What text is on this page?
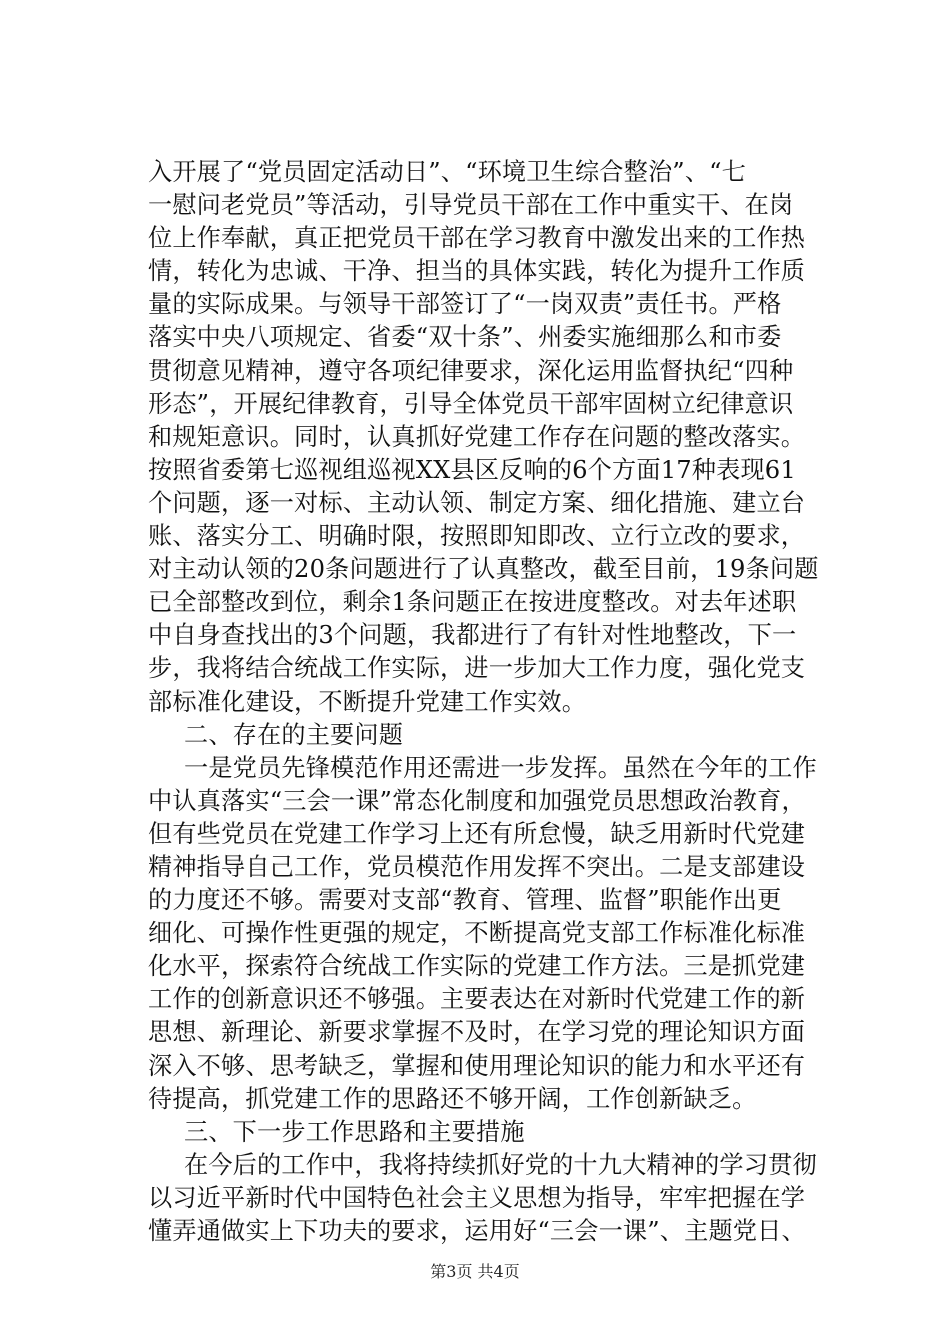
入开展了“党员固定活动日”、“环境卫生综合整治”、“七
一慰问老党员”等活动，引导党员干部在工作中重实干、在岗
位上作奉献，真正把党员干部在学习教育中激发出来的工作热
情，转化为忠诚、干净、担当的具体实践，转化为提升工作质
量的实际成果。与领导干部签订了“一岗双责”责任书。严格
落实中央八项规定、省委“双十条”、州委实施细那么和市委
贯彻意见精神，遵守各项纪律要求，深化运用监督执纪“四种
形态”，开展纪律教育，引导全体党员干部牢固树立纪律意识
和规矩意识。同时，认真抓好党建工作存在问题的整改落实。
按照省委第七巡视组巡视XX县区反响的6个方面17种表现61
个问题，逐一对标、主动认领、制定方案、细化措施、建立台
账、落实分工、明确时限，按照即知即改、立行立改的要求，
对主动认领的20条问题进行了认真整改，截至目前，19条问题
已全部整改到位，剩余1条问题正在按进度整改。对去年述职
中自身查找出的3个问题，我都进行了有针对性地整改，下一
步，我将结合统战工作实际，进一步加大工作力度，强化党支
部标准化建设，不断提升党建工作实效。
二、存在的主要问题
一是党员先锋模范作用还需进一步发挥。虽然在今年的工作
中认真落实“三会一课”常态化制度和加强党员思想政治教育，
但有些党员在党建工作学习上还有所怠慢，缺乏用新时代党建
精神指导自己工作，党员模范作用发挥不突出。二是支部建设
的力度还不够。需要对支部“教育、管理、监督”职能作出更
细化、可操作性更强的规定，不断提高党支部工作标准化标准
化水平，探索符合统战工作实际的党建工作方法。三是抓党建
工作的创新意识还不够强。主要表达在对新时代党建工作的新
思想、新理论、新要求掌握不及时，在学习党的理论知识方面
深入不够、思考缺乏，掌握和使用理论知识的能力和水平还有
待提高，抓党建工作的思路还不够开阔，工作创新缺乏。
三、下一步工作思路和主要措施
在今后的工作中，我将持续抓好党的十九大精神的学习贯彻
以习近平新时代中国特色社会主义思想为指导，牢牢把握在学
懂弄通做实上下功夫的要求，运用好“三会一课”、主题党日、
第3页 共4页
